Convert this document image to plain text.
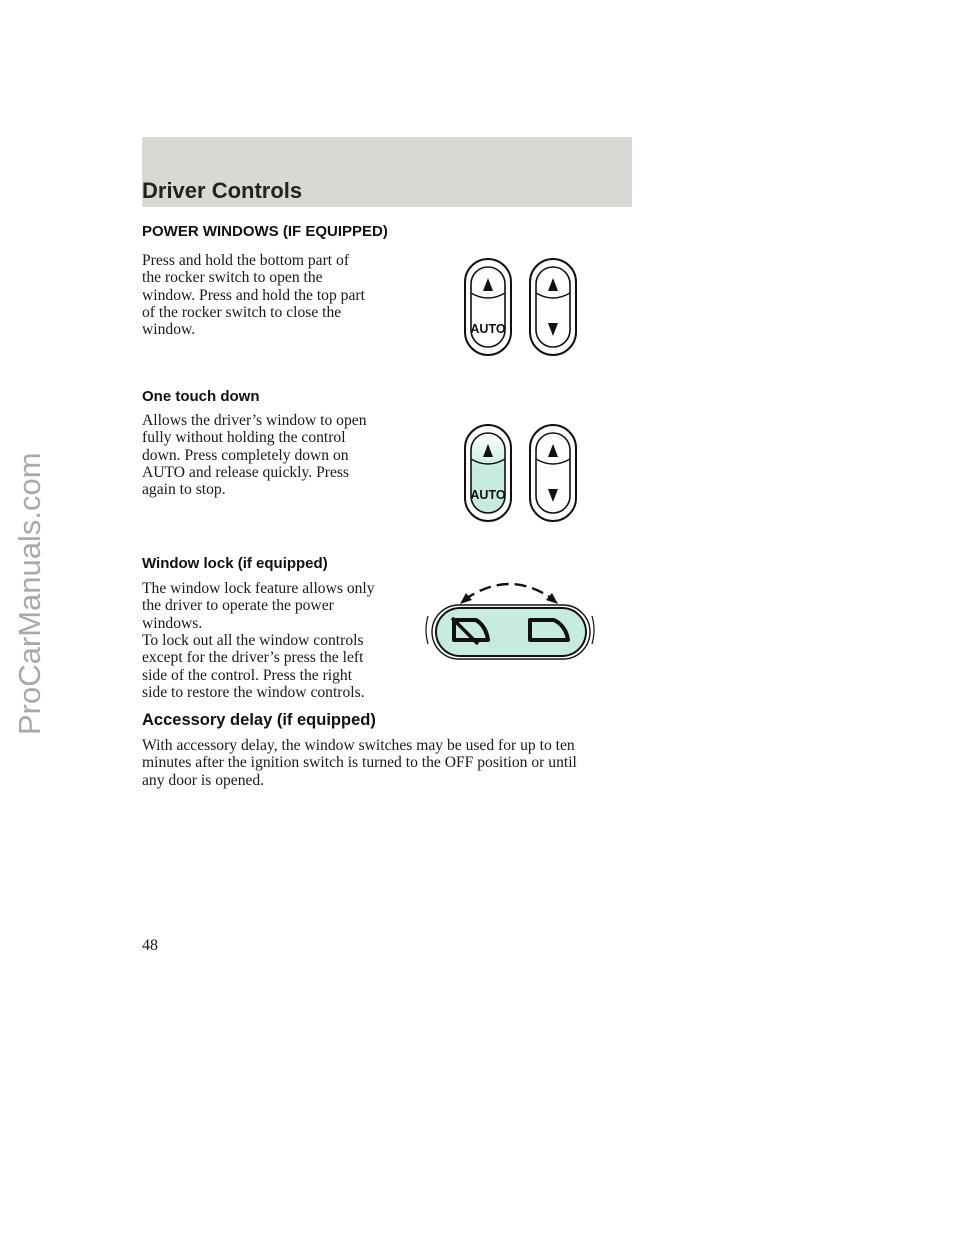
Driver Controls
POWER WINDOWS (IF EQUIPPED)

Press and hold the bottom part of
the rocker switch to open the
window. Press and hold the top part
of the rocker switch to close the
window.	AUTO
One touch down

Allows the driver’s window to open
fully without holding the control
down. Press completely down on
AUTO and release quickly. Press
again to stop.	AUTO
Window lock (if equipped)

The window lock feature allows only
the driver to operate the power
windows.

To lock out all the window controls
except for the driver’s press the left
side of the control. Press the right
side to restore the window controls.

Accessory delay (if equipped)

With accessory delay, the window switches may be used for up to ten
minutes after the ignition switch is turned to the OFF position or until
any door is opened.

48
ProCarManuals.com
